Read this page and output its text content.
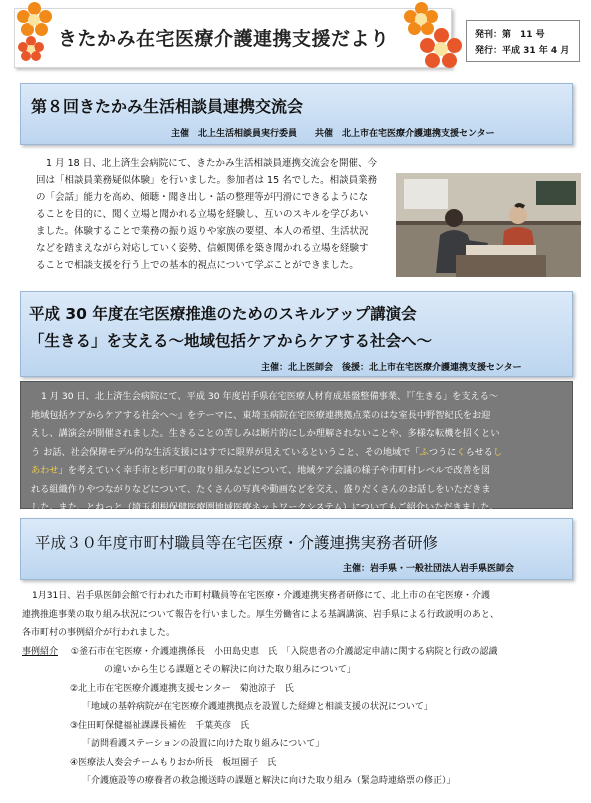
きたかみ在宅医療介護連携支援だより	発刊：第　11 号
発行：平成 31 年 4 月
第８回きたかみ生活相談員連携交流会
主催　北上生活相談員実行委員　　共催　北上市在宅医療介護連携支援センター
1 月 18 日、北上済生会病院にて、きたかみ生活相談員連携交流会を開催、今
回は「相談員業務疑似体験」を行いました。参加者は 15 名でした。相談員業務
の「会話」能力を高め、傾聴・聞き出し・話の整理等が円滑にできるようにな
ることを目的に、聞く立場と聞かれる立場を経験し、互いのスキルを学びあい
ました。体験することで業務の振り返りや家族の要望、本人の希望、生活状況
などを踏まえながら対応していく姿勢、信頼関係を築き聞かれる立場を経験す
ることで相談支援を行う上での基本的視点について学ぶことができました。
平成 30 年度在宅医療推進のためのスキルアップ講演会
「生きる」を支える〜地域包括ケアからケアする社会へ〜
主催：北上医師会　後援：北上市在宅医療介護連携支援センター
1 月 30 日、北上済生会病院にて、平成 30 年度岩手県在宅医療人材育成基盤整備事業、『「生きる」を支える〜
地域包括ケアからケアする社会へ〜』をテーマに、東埼玉病院在宅医療連携拠点菜のはな室長中野智紀氏をお迎
えし、講演会が開催されました。生きることの苦しみは断片的にしか理解されないことや、多様な転機を招くとい
う お話、社会保障モデル的な生活支援にはすでに限界が見えているということ、その地域で「ふつうにくらせるし
あわせ」を考えていく幸手市と杉戸町の取り組みなどについて、地域ケア会議の様子や市町村レベルで改善を図
れる組織作りやつながりなどについて、たくさんの写真や動画などを交え、盛りだくさんのお話しをいただきま
した。また、とねっと（埼玉利根保健医療圏地域医療ネットワークシステム）についてもご紹介いただきました。
平成３０年度市町村職員等在宅医療・介護連携実務者研修
主催：岩手県・一般社団法人岩手県医師会
1月31日、岩手県医師会館で行われた市町村職員等在宅医療・介護連携実務者研修にて、北上市の在宅医療・介護
連携推進事業の取り組み状況について報告を行いました。厚生労働省による基調講演、岩手県による行政説明のあと、
各市町村の事例紹介が行われました。
事例紹介 ①釜石市在宅医療・介護連携係長　小田島史恵　氏　「入院患者の介護認定申請に関する病院と行政の認識
の違いから生じる課題とその解決に向けた取り組みについて」
②北上市在宅医療介護連携支援センター　菊池涼子　氏
「地域の基幹病院が在宅医療介護連携拠点を設置した経緯と相談支援の状況について」
③住田町保健福祉課課長補佐　千葉英彦　氏
「訪問看護ステーションの設置に向けた取り組みについて」
④医療法人奏会チームもりおか所長　板垣園子　氏
「介護施設等の療養者の救急搬送時の課題と解決に向けた取り組み（緊急時連絡票の修正）」
